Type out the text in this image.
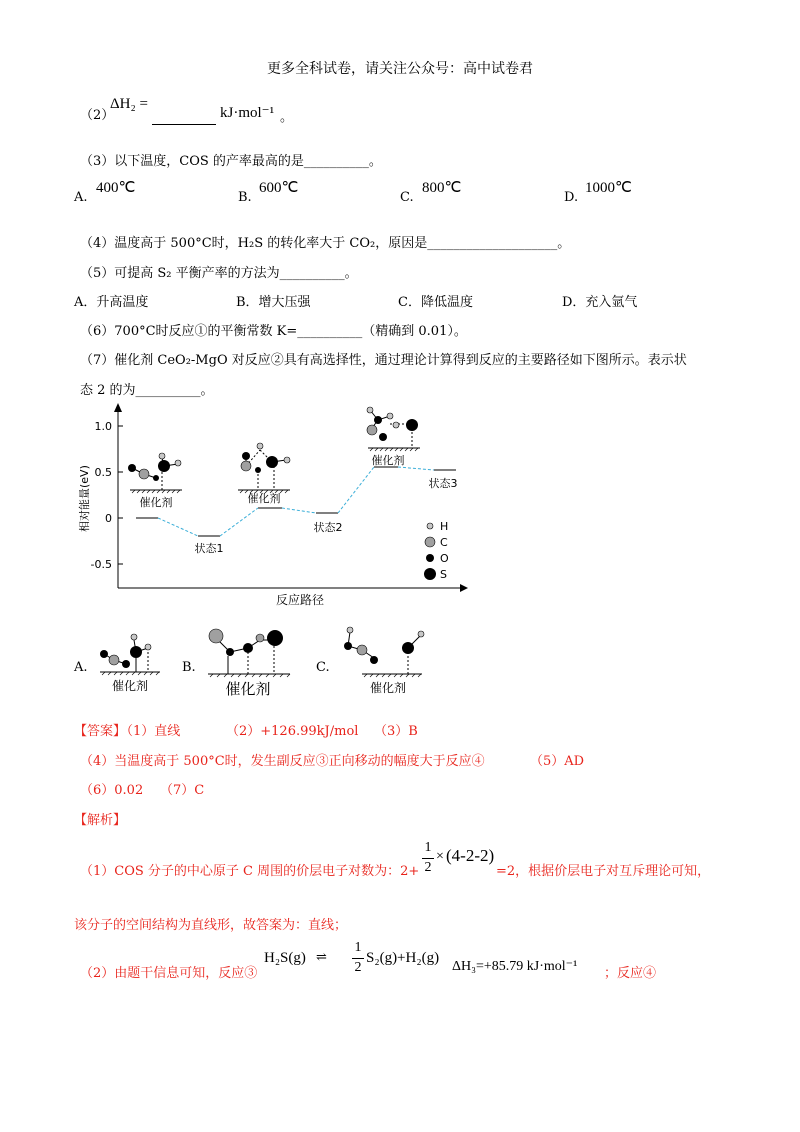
更多全科试卷，请关注公众号：高中试卷君
（2）
ΔH₂ =
kJ·mol⁻¹ 。
（3）以下温度，COS 的产率最高的是__________。
A.
400℃
B.
600℃
C.
800℃
D.
1000℃
（4）温度高于 500°C时，H₂S 的转化率大于 CO₂，原因是____________________。
（5）可提高 S₂ 平衡产率的方法为__________。
A．升高温度	B．增大压强	C．降低温度	D．充入氩气
（6）700°C时反应①的平衡常数 K=__________（精确到 0.01）。
（7）催化剂 CeO₂-MgO 对反应②具有高选择性，通过理论计算得到反应的主要路径如下图所示。表示状
态 2 的为__________。
1.0
0.5
0
-0.5
相对能量(eV)
反应路径
状态1
状态2
状态3
催化剂	催化剂
催化剂
H
C
O
S
A.
催化剂
B.
催化剂
C.
催化剂
【答案】
（1）直线	（2）+126.99kJ/mol （3）B
（4）当温度高于 500°C时，发生副反应③正向移动的幅度大于反应④	（5）AD
（6）0.02 （7）C
【解析】
（1）COS 分子的中心原子 C 周围的价层电子对数为：2+
1
2
× (4-2-2)
=2，根据价层电子对互斥理论可知，
该分子的空间结构为直线形，故答案为：直线；
（2）由题干信息可知，反应③
H₂S(g) ⇌
1
2
S₂(g)+H₂(g)
ΔH₃=+85.79 kJ·mol⁻¹ ；反应④
